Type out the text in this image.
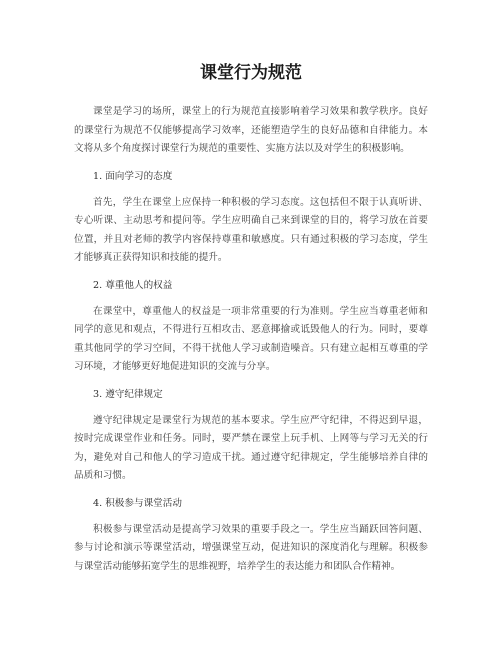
课堂行为规范

课堂是学习的场所，课堂上的行为规范直接影响着学习效果和教学秩序。良好的课堂行为规范不仅能够提高学习效率，还能塑造学生的良好品德和自律能力。本文将从多个角度探讨课堂行为规范的重要性、实施方法以及对学生的积极影响。

1. 面向学习的态度

首先，学生在课堂上应保持一种积极的学习态度。这包括但不限于认真听讲、专心听课、主动思考和提问等。学生应明确自己来到课堂的目的，将学习放在首要位置，并且对老师的教学内容保持尊重和敏感度。只有通过积极的学习态度，学生才能够真正获得知识和技能的提升。

2. 尊重他人的权益

在课堂中，尊重他人的权益是一项非常重要的行为准则。学生应当尊重老师和同学的意见和观点，不得进行互相攻击、恶意揶揄或诋毁他人的行为。同时，要尊重其他同学的学习空间，不得干扰他人学习或制造噪音。只有建立起相互尊重的学习环境，才能够更好地促进知识的交流与分享。

3. 遵守纪律规定

遵守纪律规定是课堂行为规范的基本要求。学生应严守纪律，不得迟到早退，按时完成课堂作业和任务。同时，要严禁在课堂上玩手机、上网等与学习无关的行为，避免对自己和他人的学习造成干扰。通过遵守纪律规定，学生能够培养自律的品质和习惯。

4. 积极参与课堂活动

积极参与课堂活动是提高学习效果的重要手段之一。学生应当踊跃回答问题、参与讨论和演示等课堂活动，增强课堂互动，促进知识的深度消化与理解。积极参与课堂活动能够拓宽学生的思维视野，培养学生的表达能力和团队合作精神。
